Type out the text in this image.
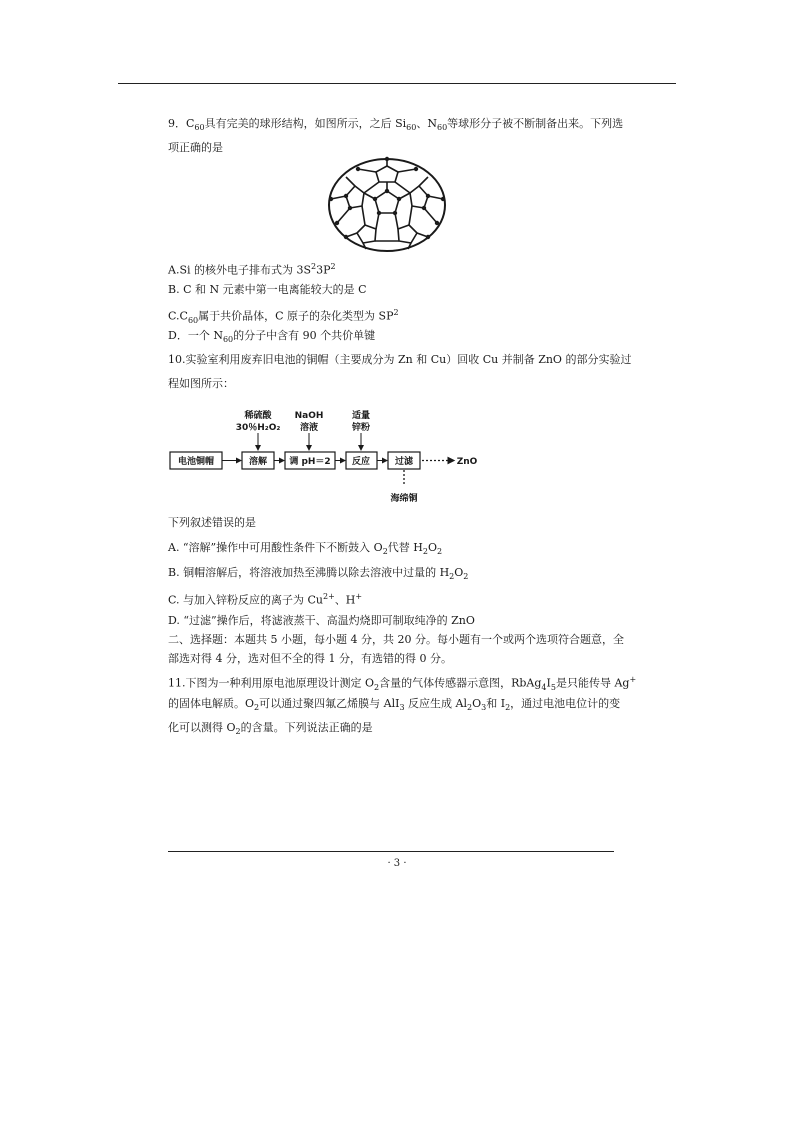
9．$C_{60}$具有完美的球形结构，如图所示，之后 $Si_{60}$、$N_{60}$等球形分子被不断制备出来。下列选
项正确的是
A.Si 的核外电子排布式为 $3S^23P^2$
B. C 和 N 元素中第一电离能较大的是 C
$C.C_{60}$属于共价晶体，C 原子的杂化类型为 $SP^2$
D．一个 $N_{60}$的分子中含有 90 个共价单键
10.实验室利用废弃旧电池的铜帽（主要成分为 Zn 和 Cu）回收 Cu 并制备 ZnO 的部分实验过
程如图所示：
稀硫酸
30％H₂O₂
NaOH
溶液
适量
锌粉
电池铜帽	溶解 调 pH＝2 反应	过滤	ZnO
海绵铜
下列叙述错误的是
A. “溶解”操作中可用酸性条件下不断鼓入 $O_2$代替 $H_2O_2$
B. 铜帽溶解后，将溶液加热至沸腾以除去溶液中过量的 $H_2O_2$
C. 与加入锌粉反应的离子为 $Cu^{2+}$、H+
D. “过滤”操作后，将滤液蒸干、高温灼烧即可制取纯净的 ZnO
二、选择题：本题共 5 小题，每小题 4 分，共 20 分。每小题有一个或两个选项符合题意，全
部选对得 4 分，选对但不全的得 1 分，有选错的得 0 分。
11.下图为一种利用原电池原理设计测定 $O_2$含量的气体传感器示意图，$RbAg_4I_5$是只能传导 Ag+
的固体电解质。$O_2$可以通过聚四氟乙烯膜与 AlI$_3$ 反应生成 $Al_2O_3$和 $I_2$，通过电池电位计的变
化可以测得 $O_2$的含量。下列说法正确的是
· 3 ·
